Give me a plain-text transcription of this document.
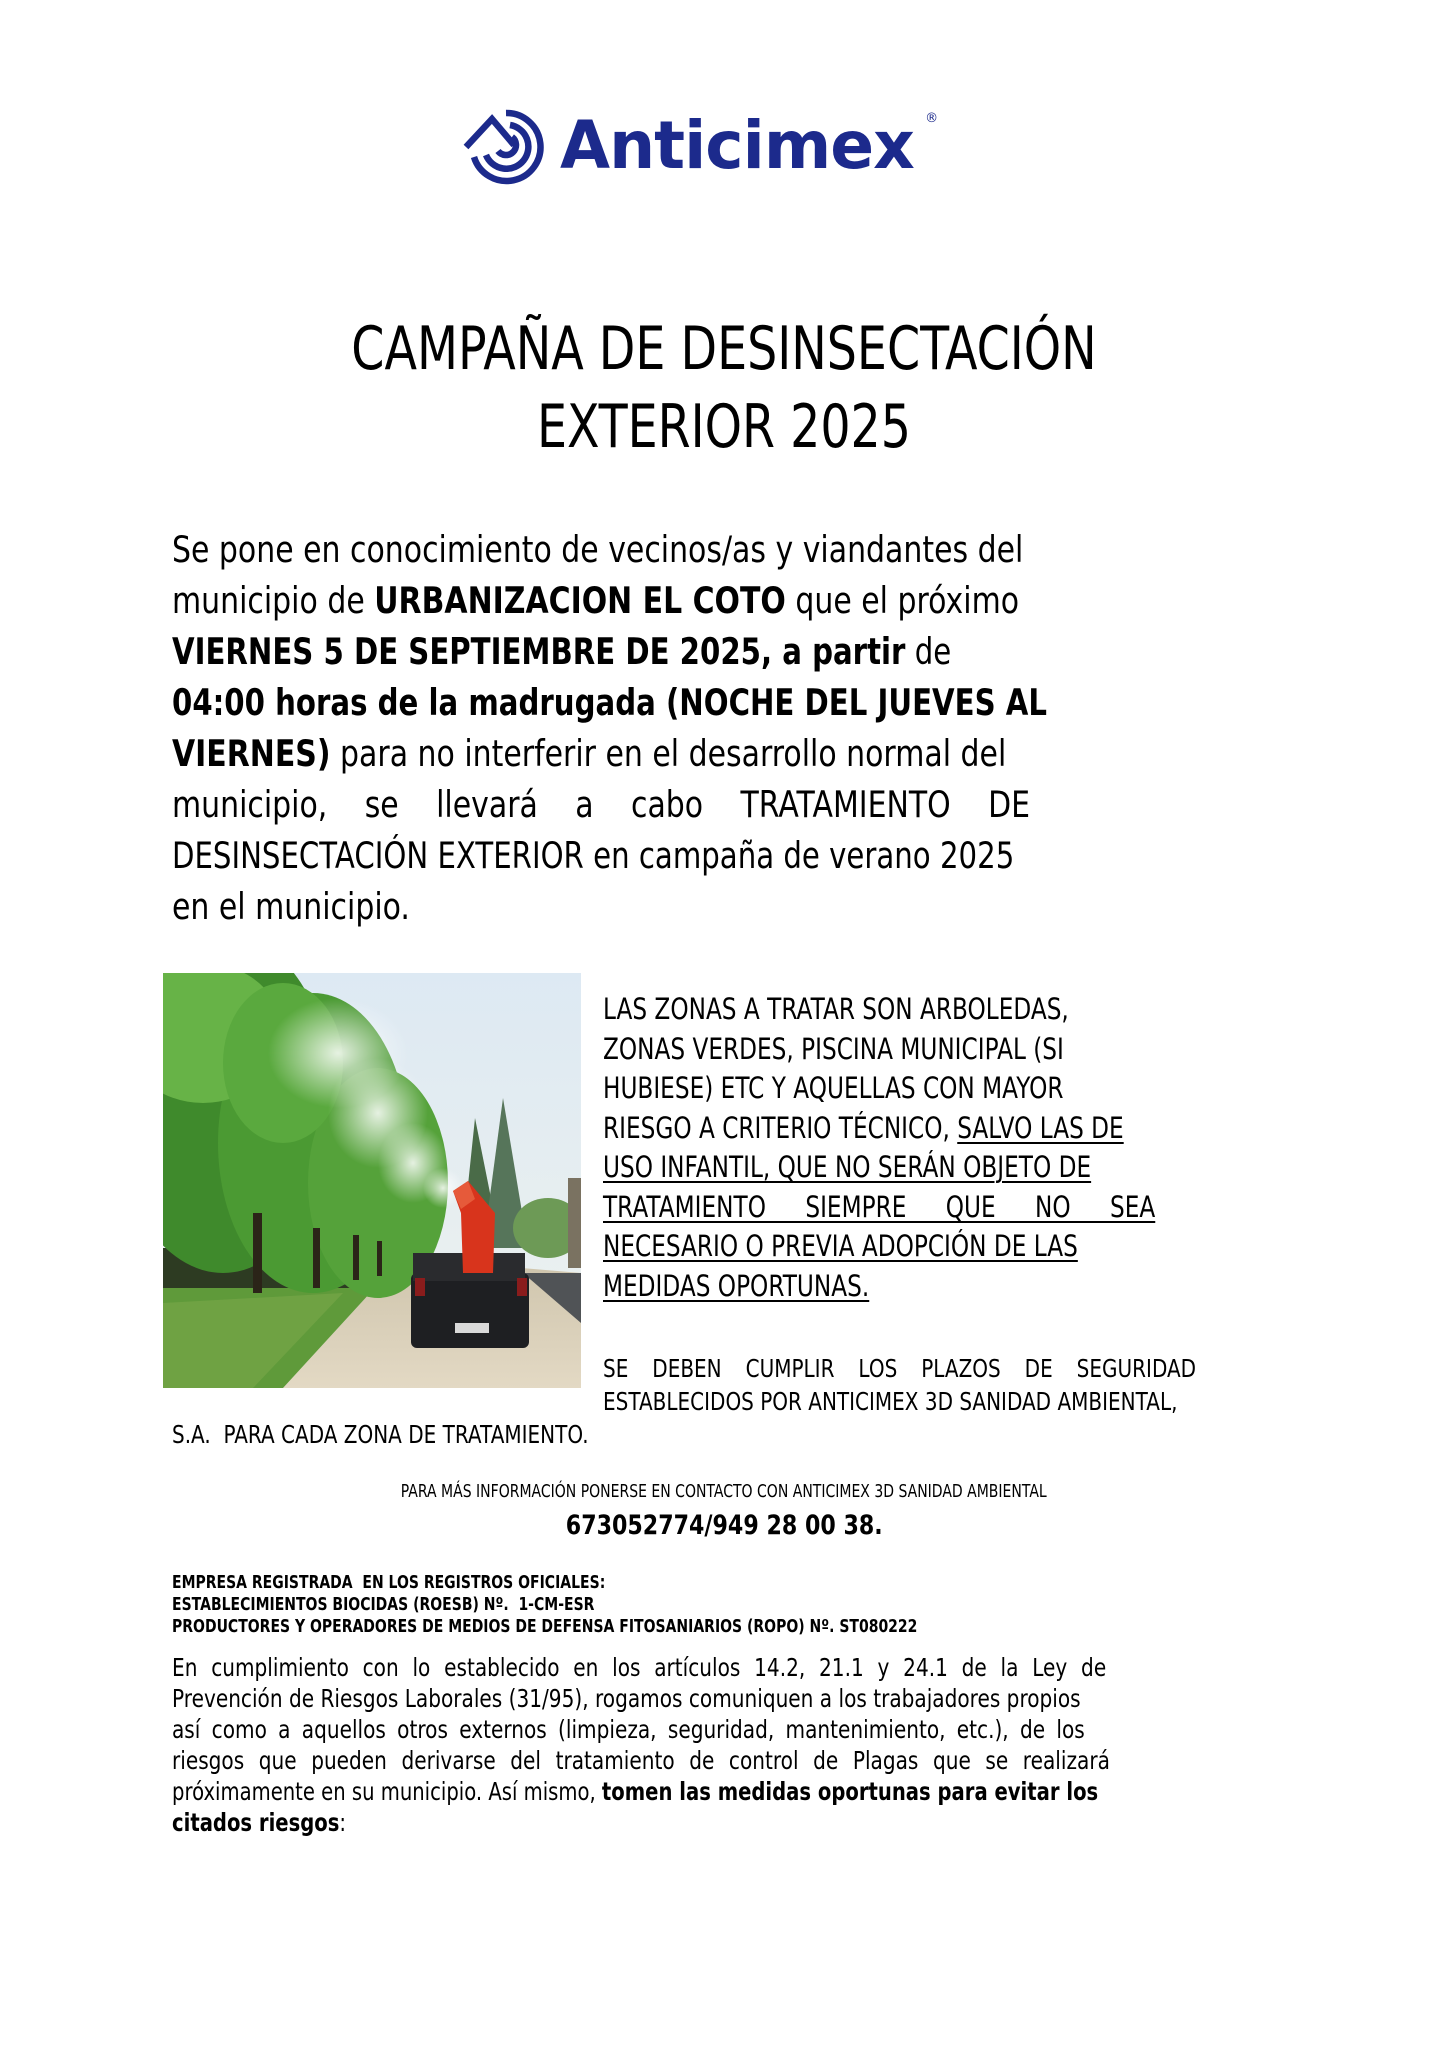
Anticimex ®
CAMPAÑA DE DESINSECTACIÓN
EXTERIOR 2025
Se pone en conocimiento de vecinos/as y viandantes del
municipio de URBANIZACION EL COTO que el próximo
VIERNES 5 DE SEPTIEMBRE DE 2025, a partir de
04:00 horas de la madrugada (NOCHE DEL JUEVES AL
VIERNES) para no interferir en el desarrollo normal del
municipio, se llevará a cabo TRATAMIENTO DE
DESINSECTACIÓN EXTERIOR en campaña de verano 2025
en el municipio.
LAS ZONAS A TRATAR SON ARBOLEDAS,
ZONAS VERDES, PISCINA MUNICIPAL (SI
HUBIESE) ETC Y AQUELLAS CON MAYOR
RIESGO A CRITERIO TÉCNICO, SALVO LAS DE
USO INFANTIL, QUE NO SERÁN OBJETO DE
TRATAMIENTO SIEMPRE QUE NO SEA
NECESARIO O PREVIA ADOPCIÓN DE LAS
MEDIDAS OPORTUNAS.
SE DEBEN CUMPLIR LOS PLAZOS DE SEGURIDAD
ESTABLECIDOS POR ANTICIMEX 3D SANIDAD AMBIENTAL,
S.A.  PARA CADA ZONA DE TRATAMIENTO.
PARA MÁS INFORMACIÓN PONERSE EN CONTACTO CON ANTICIMEX 3D SANIDAD AMBIENTAL
673052774/949 28 00 38.
EMPRESA REGISTRADA  EN LOS REGISTROS OFICIALES:
ESTABLECIMIENTOS BIOCIDAS (ROESB) Nº.  1-CM-ESR
PRODUCTORES Y OPERADORES DE MEDIOS DE DEFENSA FITOSANIARIOS (ROPO) Nº. ST080222
En cumplimiento con lo establecido en los artículos 14.2, 21.1 y 24.1 de la Ley de
Prevención de Riesgos Laborales (31/95), rogamos comuniquen a los trabajadores propios
así como a aquellos otros externos (limpieza, seguridad, mantenimiento, etc.), de los
riesgos que pueden derivarse del tratamiento de control de Plagas que se realizará
próximamente en su municipio. Así mismo, tomen las medidas oportunas para evitar los
citados riesgos:
